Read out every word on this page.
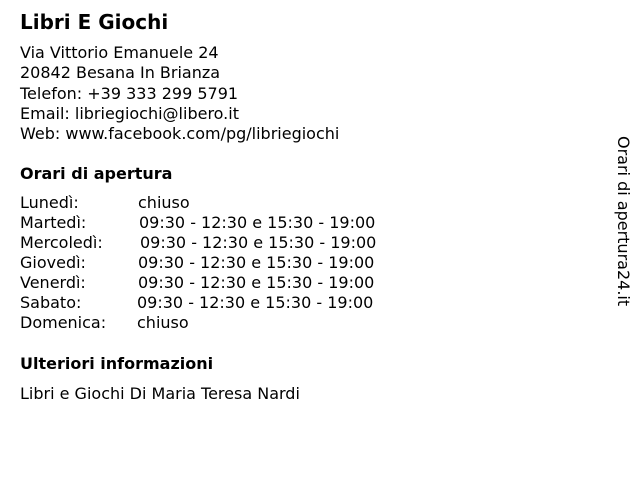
Libri E Giochi
Via Vittorio Emanuele 24
20842 Besana In Brianza
Telefon: +39 333 299 5791
Email: libriegiochi@libero.it
Web: www.facebook.com/pg/libriegiochi
Orari di apertura
Lunedì:	chiuso
Martedì:	09:30 - 12:30 e 15:30 - 19:00
Mercoledì: 09:30 - 12:30 e 15:30 - 19:00
Giovedì:	09:30 - 12:30 e 15:30 - 19:00
Venerdì:	09:30 - 12:30 e 15:30 - 19:00
Sabato:	09:30 - 12:30 e 15:30 - 19:00
Domenica: chiuso
Ulteriori informazioni
Libri e Giochi Di Maria Teresa Nardi
Orari di apertura24.it
